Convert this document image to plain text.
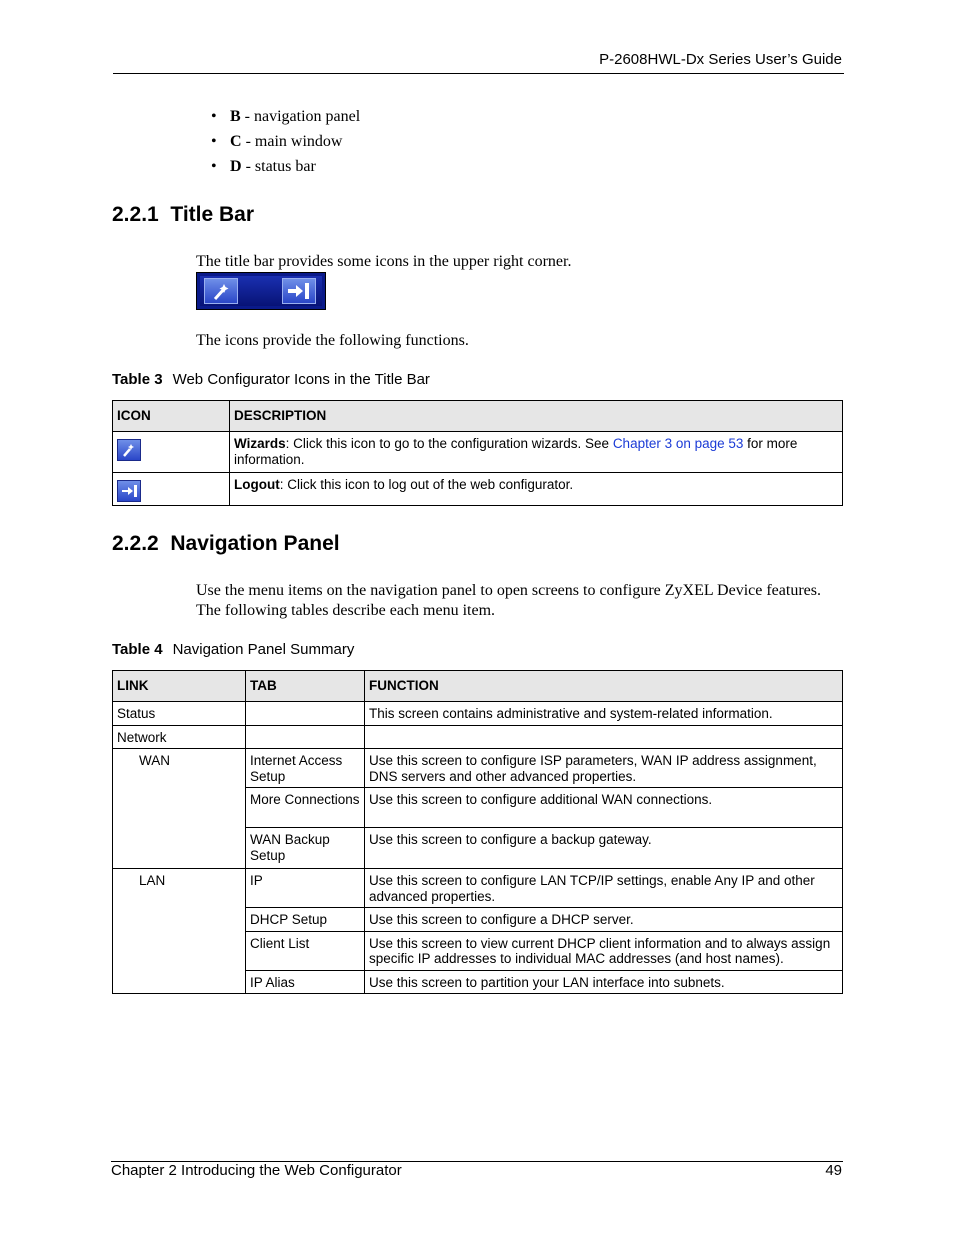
P-2608HWL-Dx Series User’s Guide
• B - navigation panel
• C - main window
• D - status bar
2.2.1  Title Bar

The title bar provides some icons in the upper right corner.

The icons provide the following functions.

Table 3 Web Configurator Icons in the Title Bar
ICON	DESCRIPTION

	Wizards: Click this icon to go to the configuration wizards. See Chapter 3 on page 53 for more information.

	Logout: Click this icon to log out of the web configurator.
2.2.2  Navigation Panel

Use the menu items on the navigation panel to open screens to configure ZyXEL Device features. The following tables describe each menu item.

Table 4 Navigation Panel Summary
LINK	TAB	FUNCTION
Status		This screen contains administrative and system-related information.
Network		
WAN	Internet Access Setup	Use this screen to configure ISP parameters, WAN IP address assignment, DNS servers and other advanced properties.
	More Connections	Use this screen to configure additional WAN connections.
	WAN Backup Setup	Use this screen to configure a backup gateway.
LAN	IP	Use this screen to configure LAN TCP/IP settings, enable Any IP and other advanced properties.
	DHCP Setup	Use this screen to configure a DHCP server.
	Client List	Use this screen to view current DHCP client information and to always assign specific IP addresses to individual MAC addresses (and host names).
	IP Alias	Use this screen to partition your LAN interface into subnets.
Chapter 2 Introducing the Web Configurator	49
